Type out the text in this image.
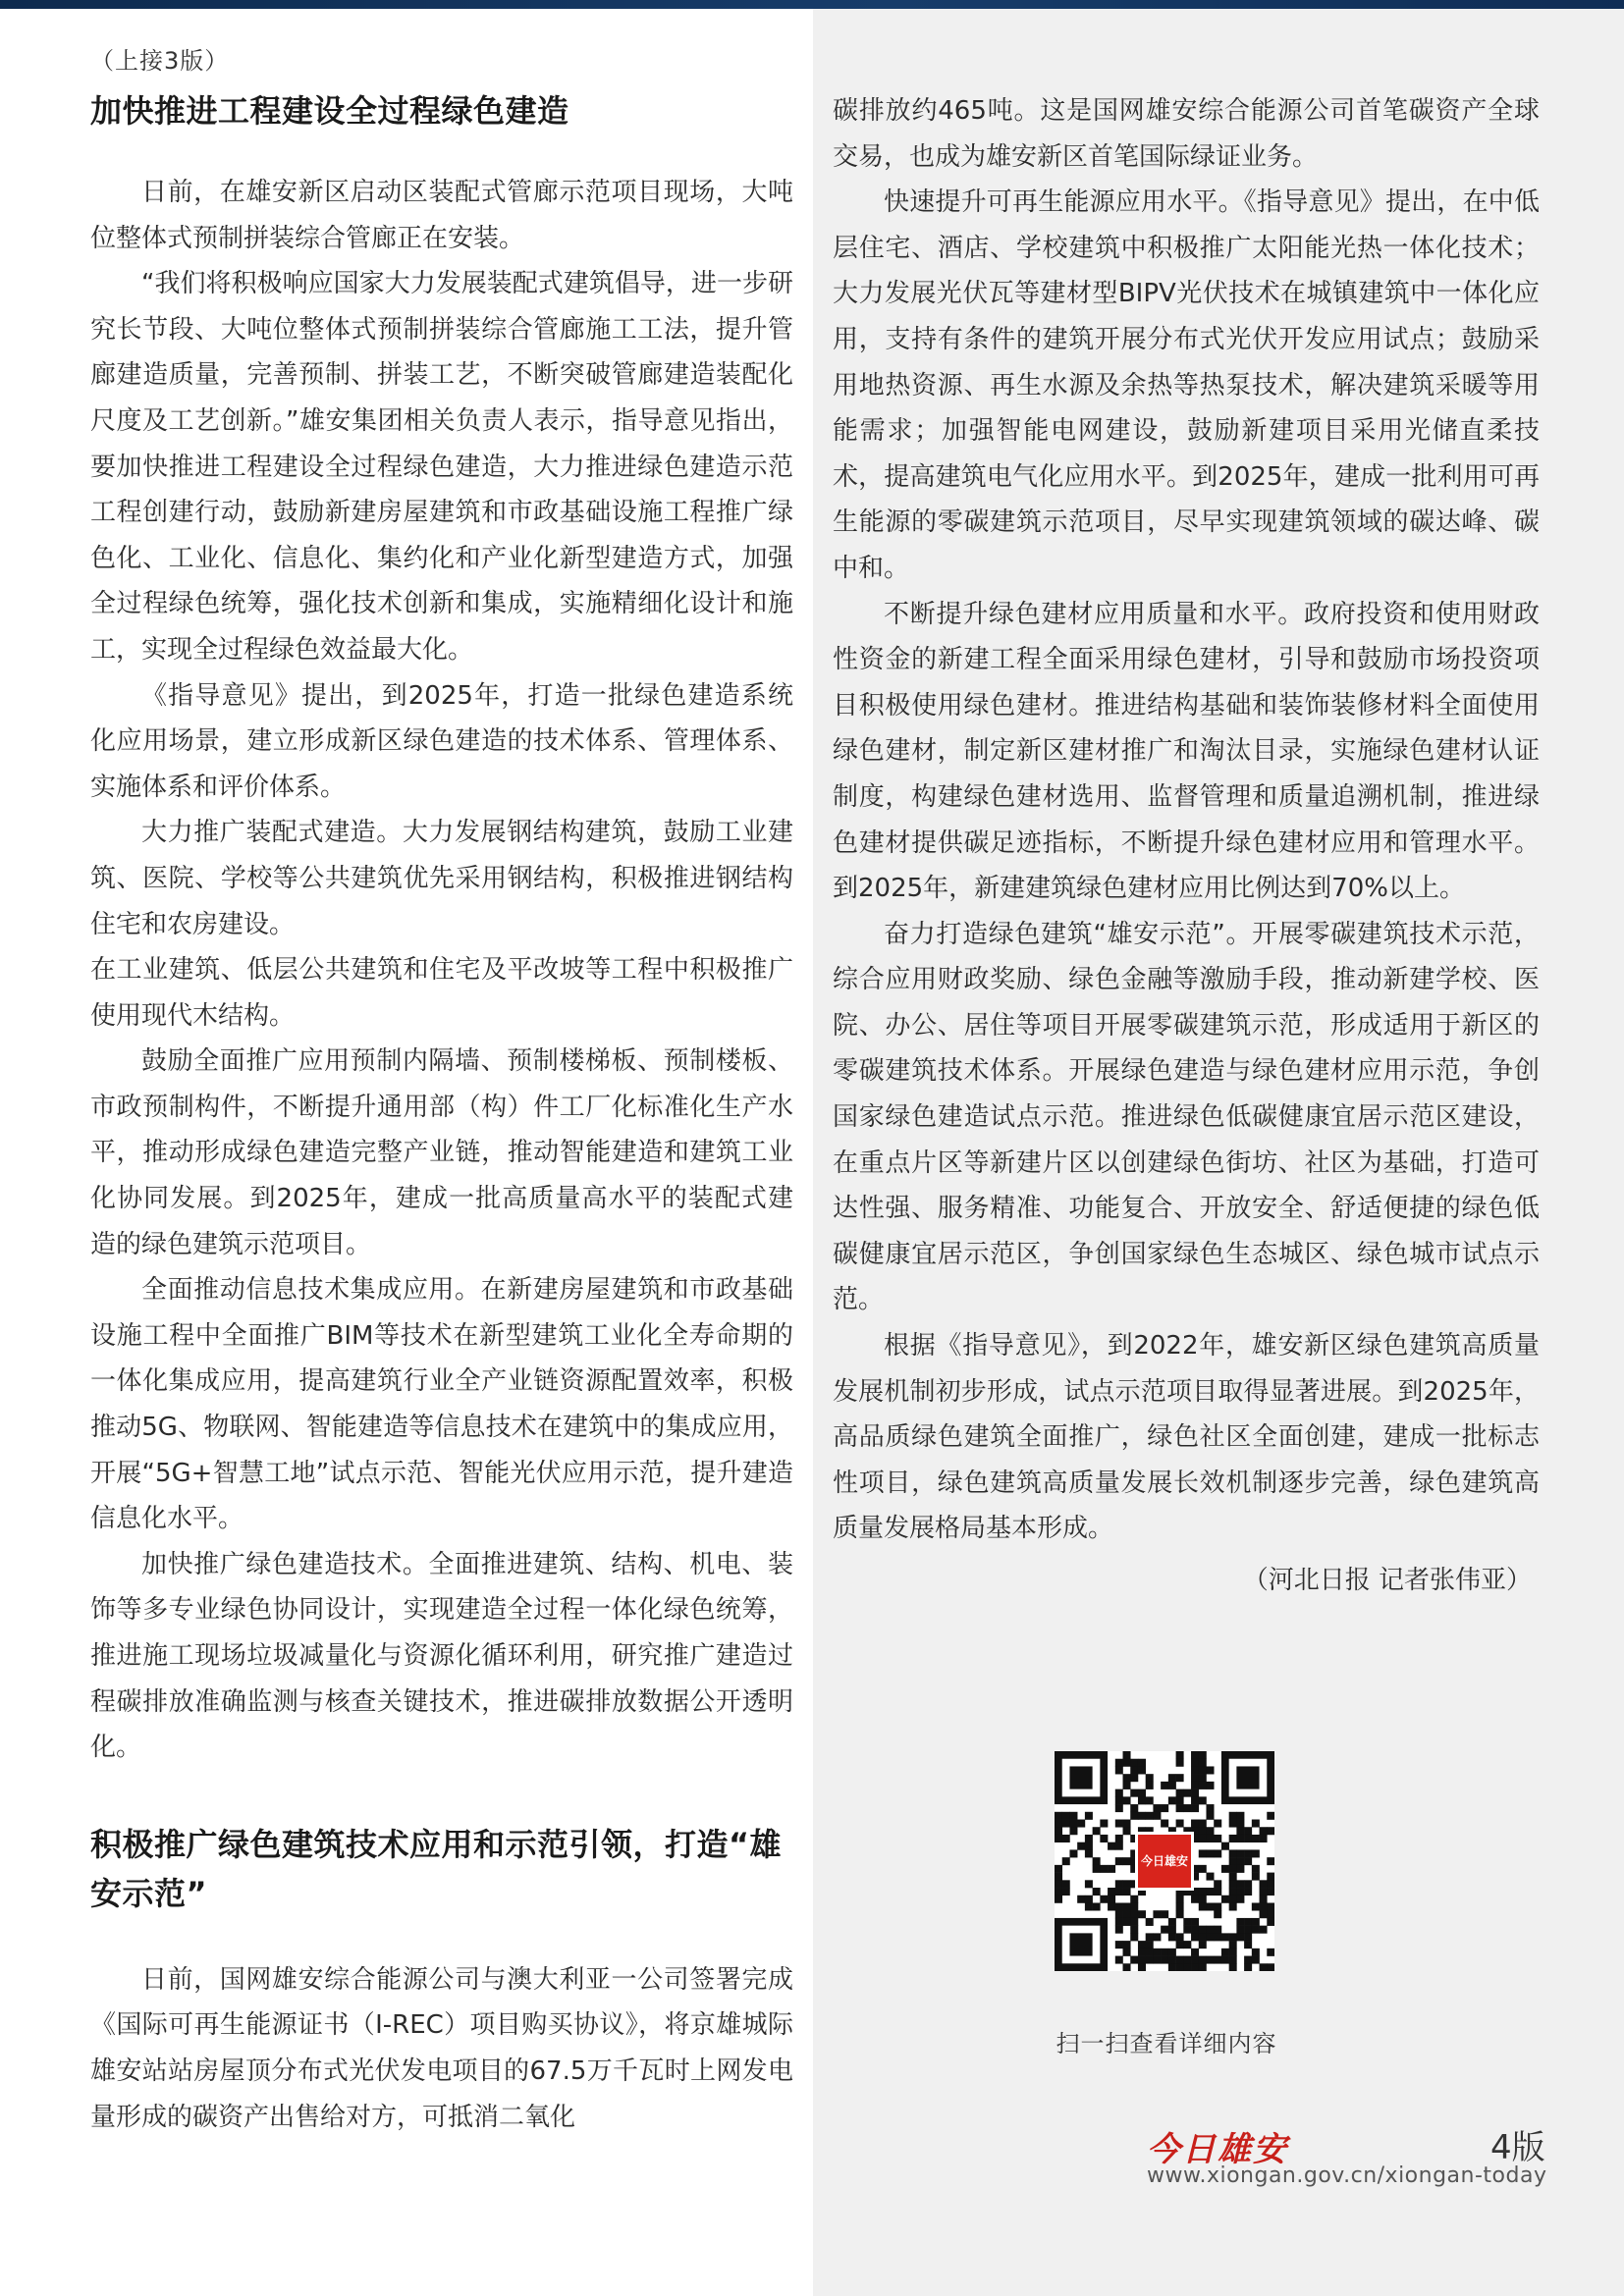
（上接3版）
加快推进工程建设全过程绿色建造

日前，在雄安新区启动区装配式管廊示范项目现场，大吨位整体式预制拼装综合管廊正在安装。

“我们将积极响应国家大力发展装配式建筑倡导，进一步研究长节段、大吨位整体式预制拼装综合管廊施工工法，提升管廊建造质量，完善预制、拼装工艺，不断突破管廊建造装配化尺度及工艺创新。”雄安集团相关负责人表示，指导意见指出，要加快推进工程建设全过程绿色建造，大力推进绿色建造示范工程创建行动，鼓励新建房屋建筑和市政基础设施工程推广绿色化、工业化、信息化、集约化和产业化新型建造方式，加强全过程绿色统筹，强化技术创新和集成，实施精细化设计和施工，实现全过程绿色效益最大化。

《指导意见》提出，到2025年，打造一批绿色建造系统化应用场景，建立形成新区绿色建造的技术体系、管理体系、实施体系和评价体系。

大力推广装配式建造。大力发展钢结构建筑，鼓励工业建筑、医院、学校等公共建筑优先采用钢结构，积极推进钢结构住宅和农房建设。

在工业建筑、低层公共建筑和住宅及平改坡等工程中积极推广使用现代木结构。

鼓励全面推广应用预制内隔墙、预制楼梯板、预制楼板、市政预制构件，不断提升通用部（构）件工厂化标准化生产水平，推动形成绿色建造完整产业链，推动智能建造和建筑工业化协同发展。到2025年，建成一批高质量高水平的装配式建造的绿色建筑示范项目。

全面推动信息技术集成应用。在新建房屋建筑和市政基础设施工程中全面推广BIM等技术在新型建筑工业化全寿命期的一体化集成应用，提高建筑行业全产业链资源配置效率，积极推动5G、物联网、智能建造等信息技术在建筑中的集成应用，开展“5G+智慧工地”试点示范、智能光伏应用示范，提升建造信息化水平。

加快推广绿色建造技术。全面推进建筑、结构、机电、装饰等多专业绿色协同设计，实现建造全过程一体化绿色统筹，推进施工现场垃圾减量化与资源化循环利用，研究推广建造过程碳排放准确监测与核查关键技术，推进碳排放数据公开透明化。

积极推广绿色建筑技术应用和示范引领，打造“雄安示范”

日前，国网雄安综合能源公司与澳大利亚一公司签署完成《国际可再生能源证书（I-REC）项目购买协议》，将京雄城际雄安站站房屋顶分布式光伏发电项目的67.5万千瓦时上网发电量形成的碳资产出售给对方，可抵消二氧化

碳排放约465吨。这是国网雄安综合能源公司首笔碳资产全球交易，也成为雄安新区首笔国际绿证业务。

快速提升可再生能源应用水平。《指导意见》提出，在中低层住宅、酒店、学校建筑中积极推广太阳能光热一体化技术；大力发展光伏瓦等建材型BIPV光伏技术在城镇建筑中一体化应用，支持有条件的建筑开展分布式光伏开发应用试点；鼓励采用地热资源、再生水源及余热等热泵技术，解决建筑采暖等用能需求；加强智能电网建设，鼓励新建项目采用光储直柔技术，提高建筑电气化应用水平。到2025年，建成一批利用可再生能源的零碳建筑示范项目，尽早实现建筑领域的碳达峰、碳中和。

不断提升绿色建材应用质量和水平。政府投资和使用财政性资金的新建工程全面采用绿色建材，引导和鼓励市场投资项目积极使用绿色建材。推进结构基础和装饰装修材料全面使用绿色建材，制定新区建材推广和淘汰目录，实施绿色建材认证制度，构建绿色建材选用、监督管理和质量追溯机制，推进绿色建材提供碳足迹指标，不断提升绿色建材应用和管理水平。到2025年，新建建筑绿色建材应用比例达到70%以上。

奋力打造绿色建筑“雄安示范”。开展零碳建筑技术示范，综合应用财政奖励、绿色金融等激励手段，推动新建学校、医院、办公、居住等项目开展零碳建筑示范，形成适用于新区的零碳建筑技术体系。开展绿色建造与绿色建材应用示范，争创国家绿色建造试点示范。推进绿色低碳健康宜居示范区建设，在重点片区等新建片区以创建绿色街坊、社区为基础，打造可达性强、服务精准、功能复合、开放安全、舒适便捷的绿色低碳健康宜居示范区，争创国家绿色生态城区、绿色城市试点示范。

根据《指导意见》，到2022年，雄安新区绿色建筑高质量发展机制初步形成，试点示范项目取得显著进展。到2025年，高品质绿色建筑全面推广，绿色社区全面创建，建成一批标志性项目，绿色建筑高质量发展长效机制逐步完善，绿色建筑高质量发展格局基本形成。

（河北日报 记者张伟亚）

今日雄安
扫一扫查看详细内容
今日雄安	4版
www.xiongan.gov.cn/xiongan-today
